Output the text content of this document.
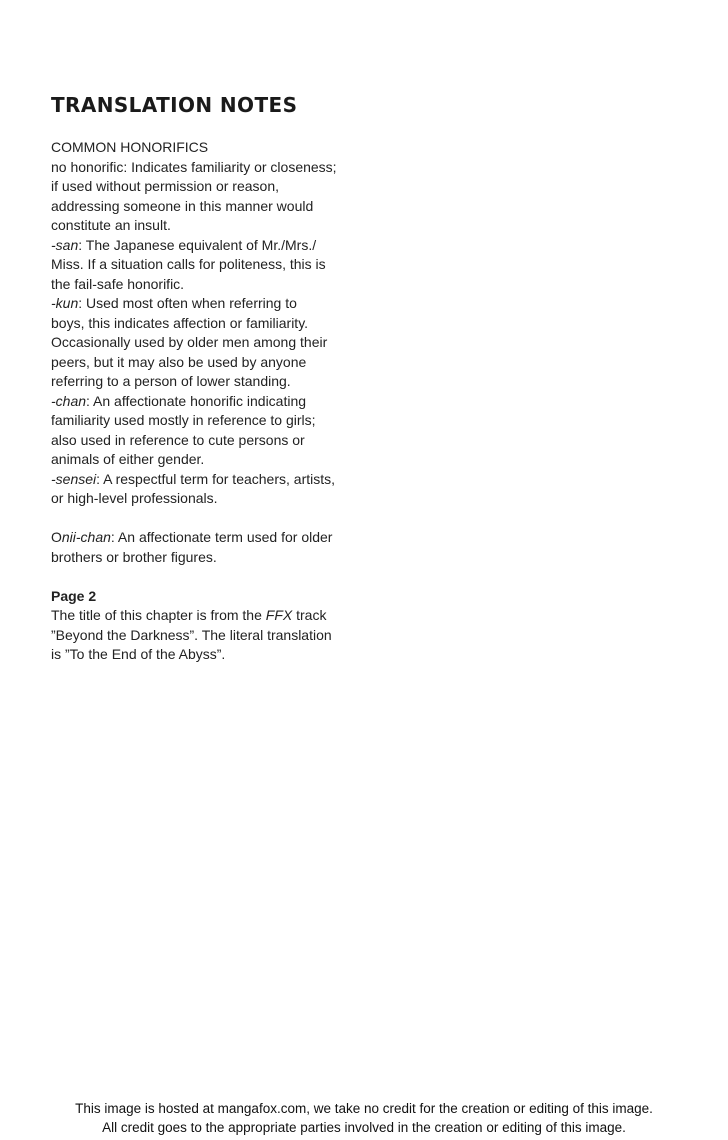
TRANSLATION NOTES

COMMON HONORIFICS
no honorific: Indicates familiarity or closeness;
if used without permission or reason,
addressing someone in this manner would
constitute an insult.
-san: The Japanese equivalent of Mr./Mrs./
Miss. If a situation calls for politeness, this is
the fail-safe honorific.
-kun: Used most often when referring to
boys, this indicates affection or familiarity.
Occasionally used by older men among their
peers, but it may also be used by anyone
referring to a person of lower standing.
-chan: An affectionate honorific indicating
familiarity used mostly in reference to girls;
also used in reference to cute persons or
animals of either gender.
-sensei: A respectful term for teachers, artists,
or high-level professionals.

Onii-chan: An affectionate term used for older
brothers or brother figures.

Page 2
The title of this chapter is from the FFX track
”Beyond the Darkness”. The literal translation
is ”To the End of the Abyss”.

This image is hosted at mangafox.com, we take no credit for the creation or editing of this image.
All credit goes to the appropriate parties involved in the creation or editing of this image.
